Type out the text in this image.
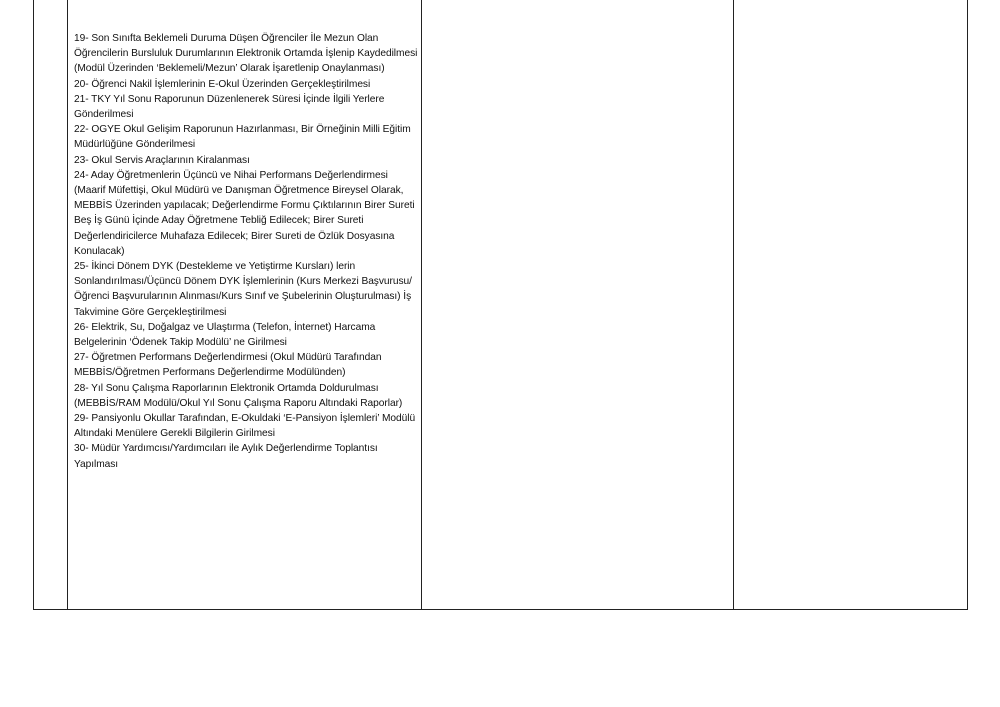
19- Son Sınıfta Beklemeli Duruma Düşen Öğrenciler İle Mezun Olan Öğrencilerin Bursluluk Durumlarının Elektronik Ortamda İşlenip Kaydedilmesi (Modül Üzerinden ‘Beklemeli/Mezun’ Olarak İşaretlenip Onaylanması)

20- Öğrenci Nakil İşlemlerinin E-Okul Üzerinden Gerçekleştirilmesi

21- TKY Yıl Sonu Raporunun Düzenlenerek Süresi İçinde İlgili Yerlere Gönderilmesi

22- OGYE Okul Gelişim Raporunun Hazırlanması, Bir Örneğinin Milli Eğitim Müdürlüğüne Gönderilmesi

23- Okul Servis Araçlarının Kiralanması

24- Aday Öğretmenlerin Üçüncü ve Nihai Performans Değerlendirmesi (Maarif Müfettişi, Okul Müdürü ve Danışman Öğretmence Bireysel Olarak, MEBBİS Üzerinden yapılacak; Değerlendirme Formu Çıktılarının Birer Sureti Beş İş Günü İçinde Aday Öğretmene Tebliğ Edilecek; Birer Sureti Değerlendiricilerce Muhafaza Edilecek; Birer Sureti de Özlük Dosyasına Konulacak)

25- İkinci Dönem DYK (Destekleme ve Yetiştirme Kursları) lerin Sonlandırılması/Üçüncü Dönem DYK İşlemlerinin (Kurs Merkezi Başvurusu/Öğrenci Başvurularının Alınması/Kurs Sınıf ve Şubelerinin Oluşturulması) İş Takvimine Göre Gerçekleştirilmesi

26- Elektrik, Su, Doğalgaz ve Ulaştırma (Telefon, İnternet) Harcama Belgelerinin ‘Ödenek Takip Modülü’ ne Girilmesi

27- Öğretmen Performans Değerlendirmesi (Okul Müdürü Tarafından MEBBİS/Öğretmen Performans Değerlendirme Modülünden)

28- Yıl Sonu Çalışma Raporlarının Elektronik Ortamda Doldurulması (MEBBİS/RAM Modülü/Okul Yıl Sonu Çalışma Raporu Altındaki Raporlar)

29- Pansiyonlu Okullar Tarafından, E-Okuldaki ‘E-Pansiyon İşlemleri’ Modülü Altındaki Menülere Gerekli Bilgilerin Girilmesi

30- Müdür Yardımcısı/Yardımcıları ile Aylık Değerlendirme Toplantısı Yapılması
